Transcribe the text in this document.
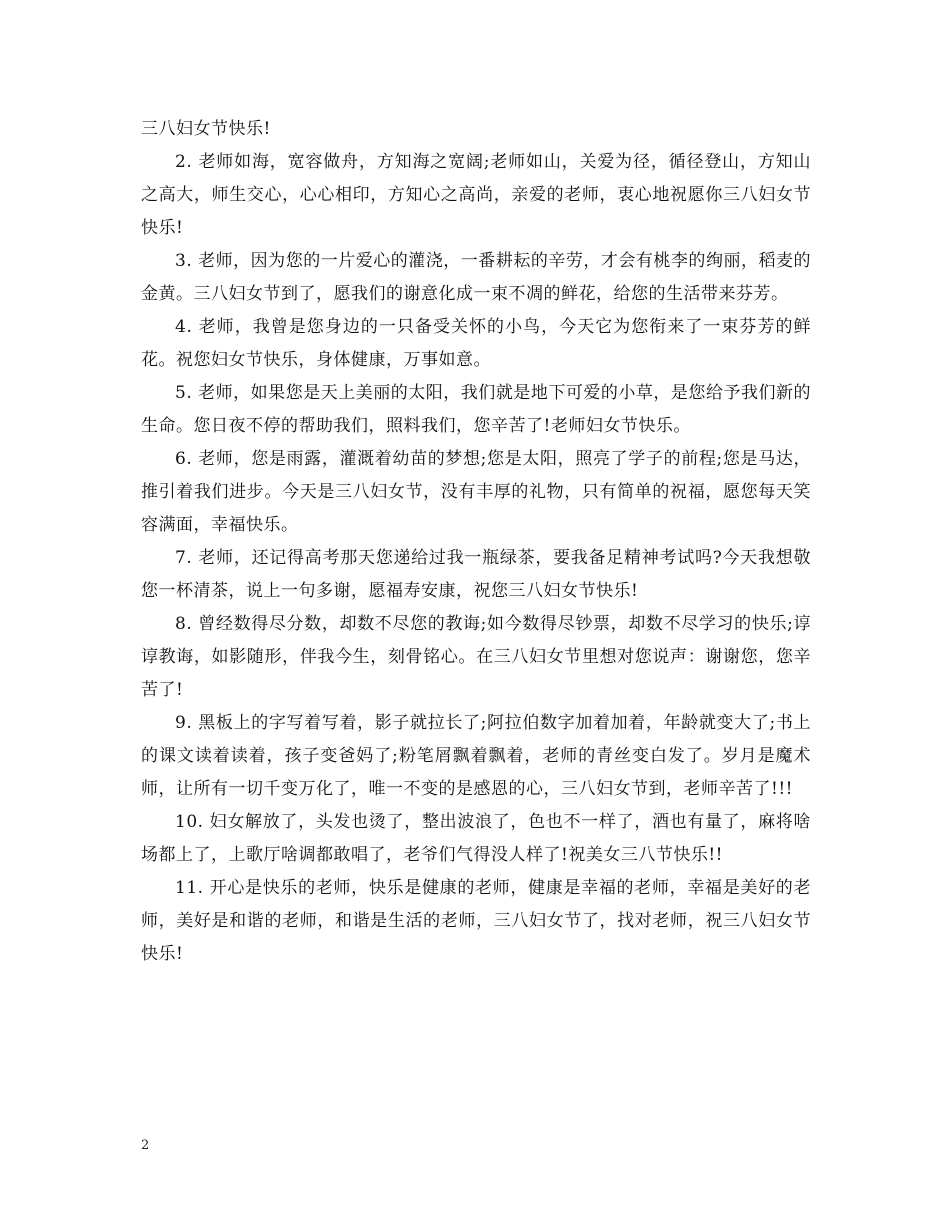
三八妇女节快乐!

2. 老师如海，宽容做舟，方知海之宽阔;老师如山，关爱为径，循径登山，方知山之高大，师生交心，心心相印，方知心之高尚，亲爱的老师，衷心地祝愿你三八妇女节快乐!

3. 老师，因为您的一片爱心的灌浇，一番耕耘的辛劳，才会有桃李的绚丽，稻麦的金黄。三八妇女节到了，愿我们的谢意化成一束不凋的鲜花，给您的生活带来芬芳。

4. 老师，我曾是您身边的一只备受关怀的小鸟，今天它为您衔来了一束芬芳的鲜花。祝您妇女节快乐，身体健康，万事如意。

5. 老师，如果您是天上美丽的太阳，我们就是地下可爱的小草，是您给予我们新的生命。您日夜不停的帮助我们，照料我们，您辛苦了!老师妇女节快乐。

6. 老师，您是雨露，灌溉着幼苗的梦想;您是太阳，照亮了学子的前程;您是马达，推引着我们进步。今天是三八妇女节，没有丰厚的礼物，只有简单的祝福，愿您每天笑容满面，幸福快乐。

7. 老师，还记得高考那天您递给过我一瓶绿茶，要我备足精神考试吗?今天我想敬您一杯清茶，说上一句多谢，愿福寿安康，祝您三八妇女节快乐!

8. 曾经数得尽分数，却数不尽您的教诲;如今数得尽钞票，却数不尽学习的快乐;谆谆教诲，如影随形，伴我今生，刻骨铭心。在三八妇女节里想对您说声：谢谢您，您辛苦了!

9. 黑板上的字写着写着，影子就拉长了;阿拉伯数字加着加着，年龄就变大了;书上的课文读着读着，孩子变爸妈了;粉笔屑飘着飘着，老师的青丝变白发了。岁月是魔术师，让所有一切千变万化了，唯一不变的是感恩的心，三八妇女节到，老师辛苦了!!!

10. 妇女解放了，头发也烫了，整出波浪了，色也不一样了，酒也有量了，麻将啥场都上了，上歌厅啥调都敢唱了，老爷们气得没人样了!祝美女三八节快乐!!

11. 开心是快乐的老师，快乐是健康的老师，健康是幸福的老师，幸福是美好的老师，美好是和谐的老师，和谐是生活的老师，三八妇女节了，找对老师，祝三八妇女节快乐!

2
